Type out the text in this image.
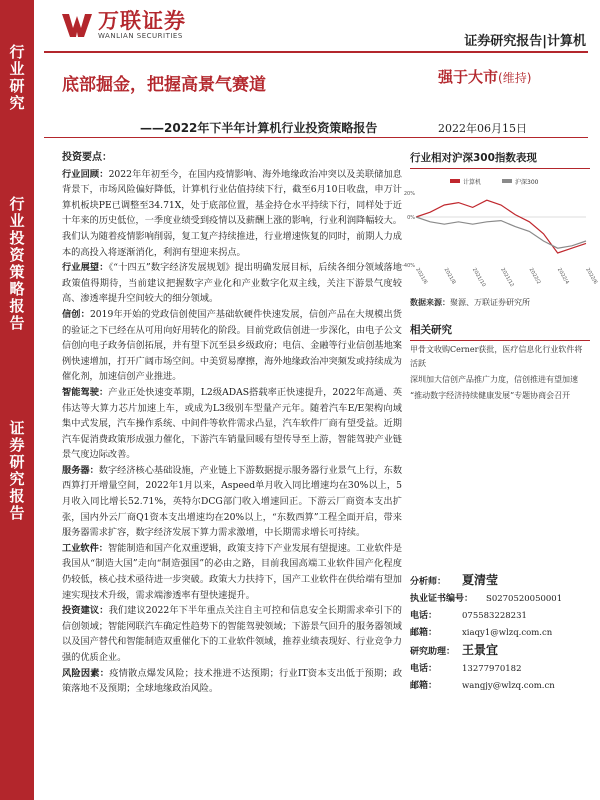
行
业
研
究
行
业
投
资
策
略
报
告
证
券
研
究
报
告
万联证券
WANLIAN SECURITIES	证券研究报告|计算机
底部掘金，把握高景气赛道	强于大市(维持)
——2022年下半年计算机行业投资策略报告	2022年06月15日
投资要点：

行业回顾：2022年年初至今，在国内疫情影响、海外地缘政治冲突以及美联储加息背景下，市场风险偏好降低，计算机行业估值持续下行，截至6月10日收盘，申万计算机板块PE已调整至34.71X，处于底部位置，基金持仓水平持续下行，同样处于近十年来的历史低位，一季度业绩受到疫情以及薪酬上涨的影响，行业利润降幅较大。我们认为随着疫情影响削弱，复工复产持续推进，行业增速恢复的同时，前期人力成本的高投入将逐渐消化，利润有望迎来拐点。

行业展望：《“十四五”数字经济发展规划》提出明确发展目标，后续各细分领域落地政策值得期待，当前建议把握数字产业化和产业数字化双主线，关注下游景气度较高、渗透率提升空间较大的细分领域。

信创：2019年开始的党政信创使国产基础软硬件快速发展，信创产品在大规模出货的验证之下已经在从可用向好用转化的阶段。目前党政信创进一步深化，由电子公文信创向电子政务信创拓展，并有望下沉至县乡级政府；电信、金融等行业信创基地案例快速增加，打开广阔市场空间。中美贸易摩擦，海外地缘政治冲突频发或持续成为催化剂，加速信创产业推进。

智能驾驶：产业正处快速变革期，L2级ADAS搭载率正快速提升，2022年高通、英伟达等大算力芯片加速上车，或成为L3级别车型量产元年。随着汽车E/E架构向域集中式发展，汽车操作系统、中间件等软件需求凸显，汽车软件厂商有望受益。近期汽车促消费政策形成强力催化，下游汽车销量回暖有望传导至上游，智能驾驶产业链景气度边际改善。

服务器：数字经济核心基础设施，产业链上下游数据提示服务器行业景气上行，东数西算打开增量空间，2022年1月以来，Aspeed单月收入同比增速均在30%以上，5月收入同比增长52.71%，英特尔DCG部门收入增速回正。下游云厂商资本支出扩张，国内外云厂商Q1资本支出增速均在20%以上，“东数西算”工程全面开启，带来服务器需求扩容，数字经济发展下算力需求激增，中长期需求增长可持续。

工业软件：智能制造和国产化双重逻辑，政策支持下产业发展有望提速。工业软件是我国从“制造大国”走向“制造强国”的必由之路，目前我国高端工业软件国产化程度仍较低，核心技术亟待进一步突破。政策大力扶持下，国产工业软件在供给端有望加速实现技术升级，需求端渗透率有望快速提升。

投资建议：我们建议2022年下半年重点关注自主可控和信息安全长期需求牵引下的信创领域；智能网联汽车确定性趋势下的智能驾驶领域；下游景气回升的服务器领域以及国产替代和智能制造双重催化下的工业软件领域，推荐业绩表现好、行业竞争力强的优质企业。

风险因素：疫情散点爆发风险；技术推进不达预期；行业IT资本支出低于预期；政策落地不及预期；全球地缘政治风险。

行业相对沪深300指数表现
计算机	沪深300
2021/6	2021/8	2021/10	2021/12	2022/2	2022/4	2022/6
-40%
0%
20%
数据来源：聚源、万联证券研究所
相关研究
甲骨文收购Cerner获批，医疗信息化行业软件将活跃
深圳加大信创产品推广力度，信创推进有望加速
“推动数字经济持续健康发展”专题协商会召开
分析师：	夏清莹
执业证书编号：	S0270520050001
电话：	075583228231
邮箱：	xiaqy1@wlzq.com.cn
研究助理： 王景宜
电话：	13277970182
邮箱：	wangjy@wlzq.com.cn
